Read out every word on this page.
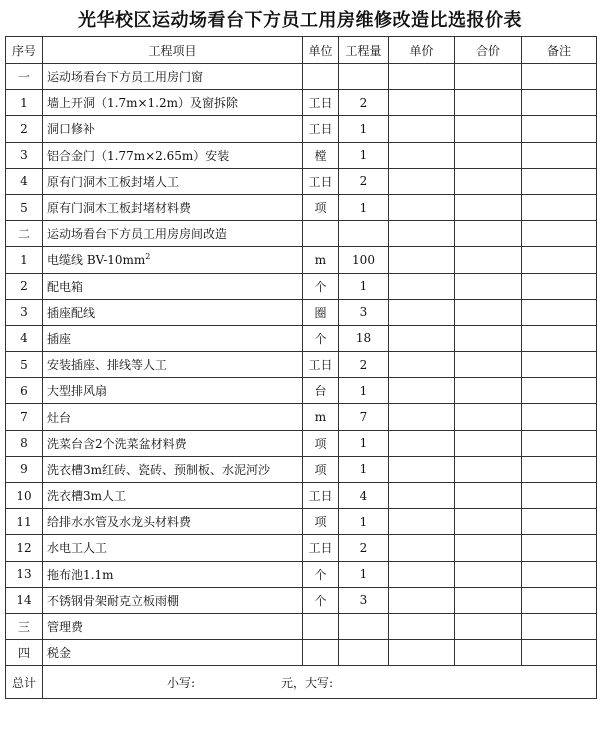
光华校区运动场看台下方员工用房维修改造比选报价表
序号	工程项目	单位	工程量	单价	合价	备注
一	运动场看台下方员工用房门窗					
1	墙上开洞（1.7m×1.2m）及窗拆除	工日	2			
2	洞口修补	工日	1			
3	铝合金门（1.77m×2.65m）安装	樘	1			
4	原有门洞木工板封堵人工	工日	2			
5	原有门洞木工板封堵材料费	项	1			
二	运动场看台下方员工用房房间改造					
1	电缆线 $BV-10mm^2$	m	100			
2	配电箱	个	1			
3	插座配线	圈	3			
4	插座	个	18			
5	安装插座、排线等人工	工日	2			
6	大型排风扇	台	1			
7	灶台	m	7			
8	洗菜台含2个洗菜盆材料费	项	1			
9	洗衣槽3m红砖、瓷砖、预制板、水泥河沙	项	1			
10	洗衣槽3m人工	工日	4			
11	给排水水管及水龙头材料费	项	1			
12	水电工人工	工日	2			
13	拖布池1.1m	个	1			
14	不锈钢骨架耐克立板雨棚	个	3			
三	管理费					
四	税金					
总计	小写: 元，大写:					
